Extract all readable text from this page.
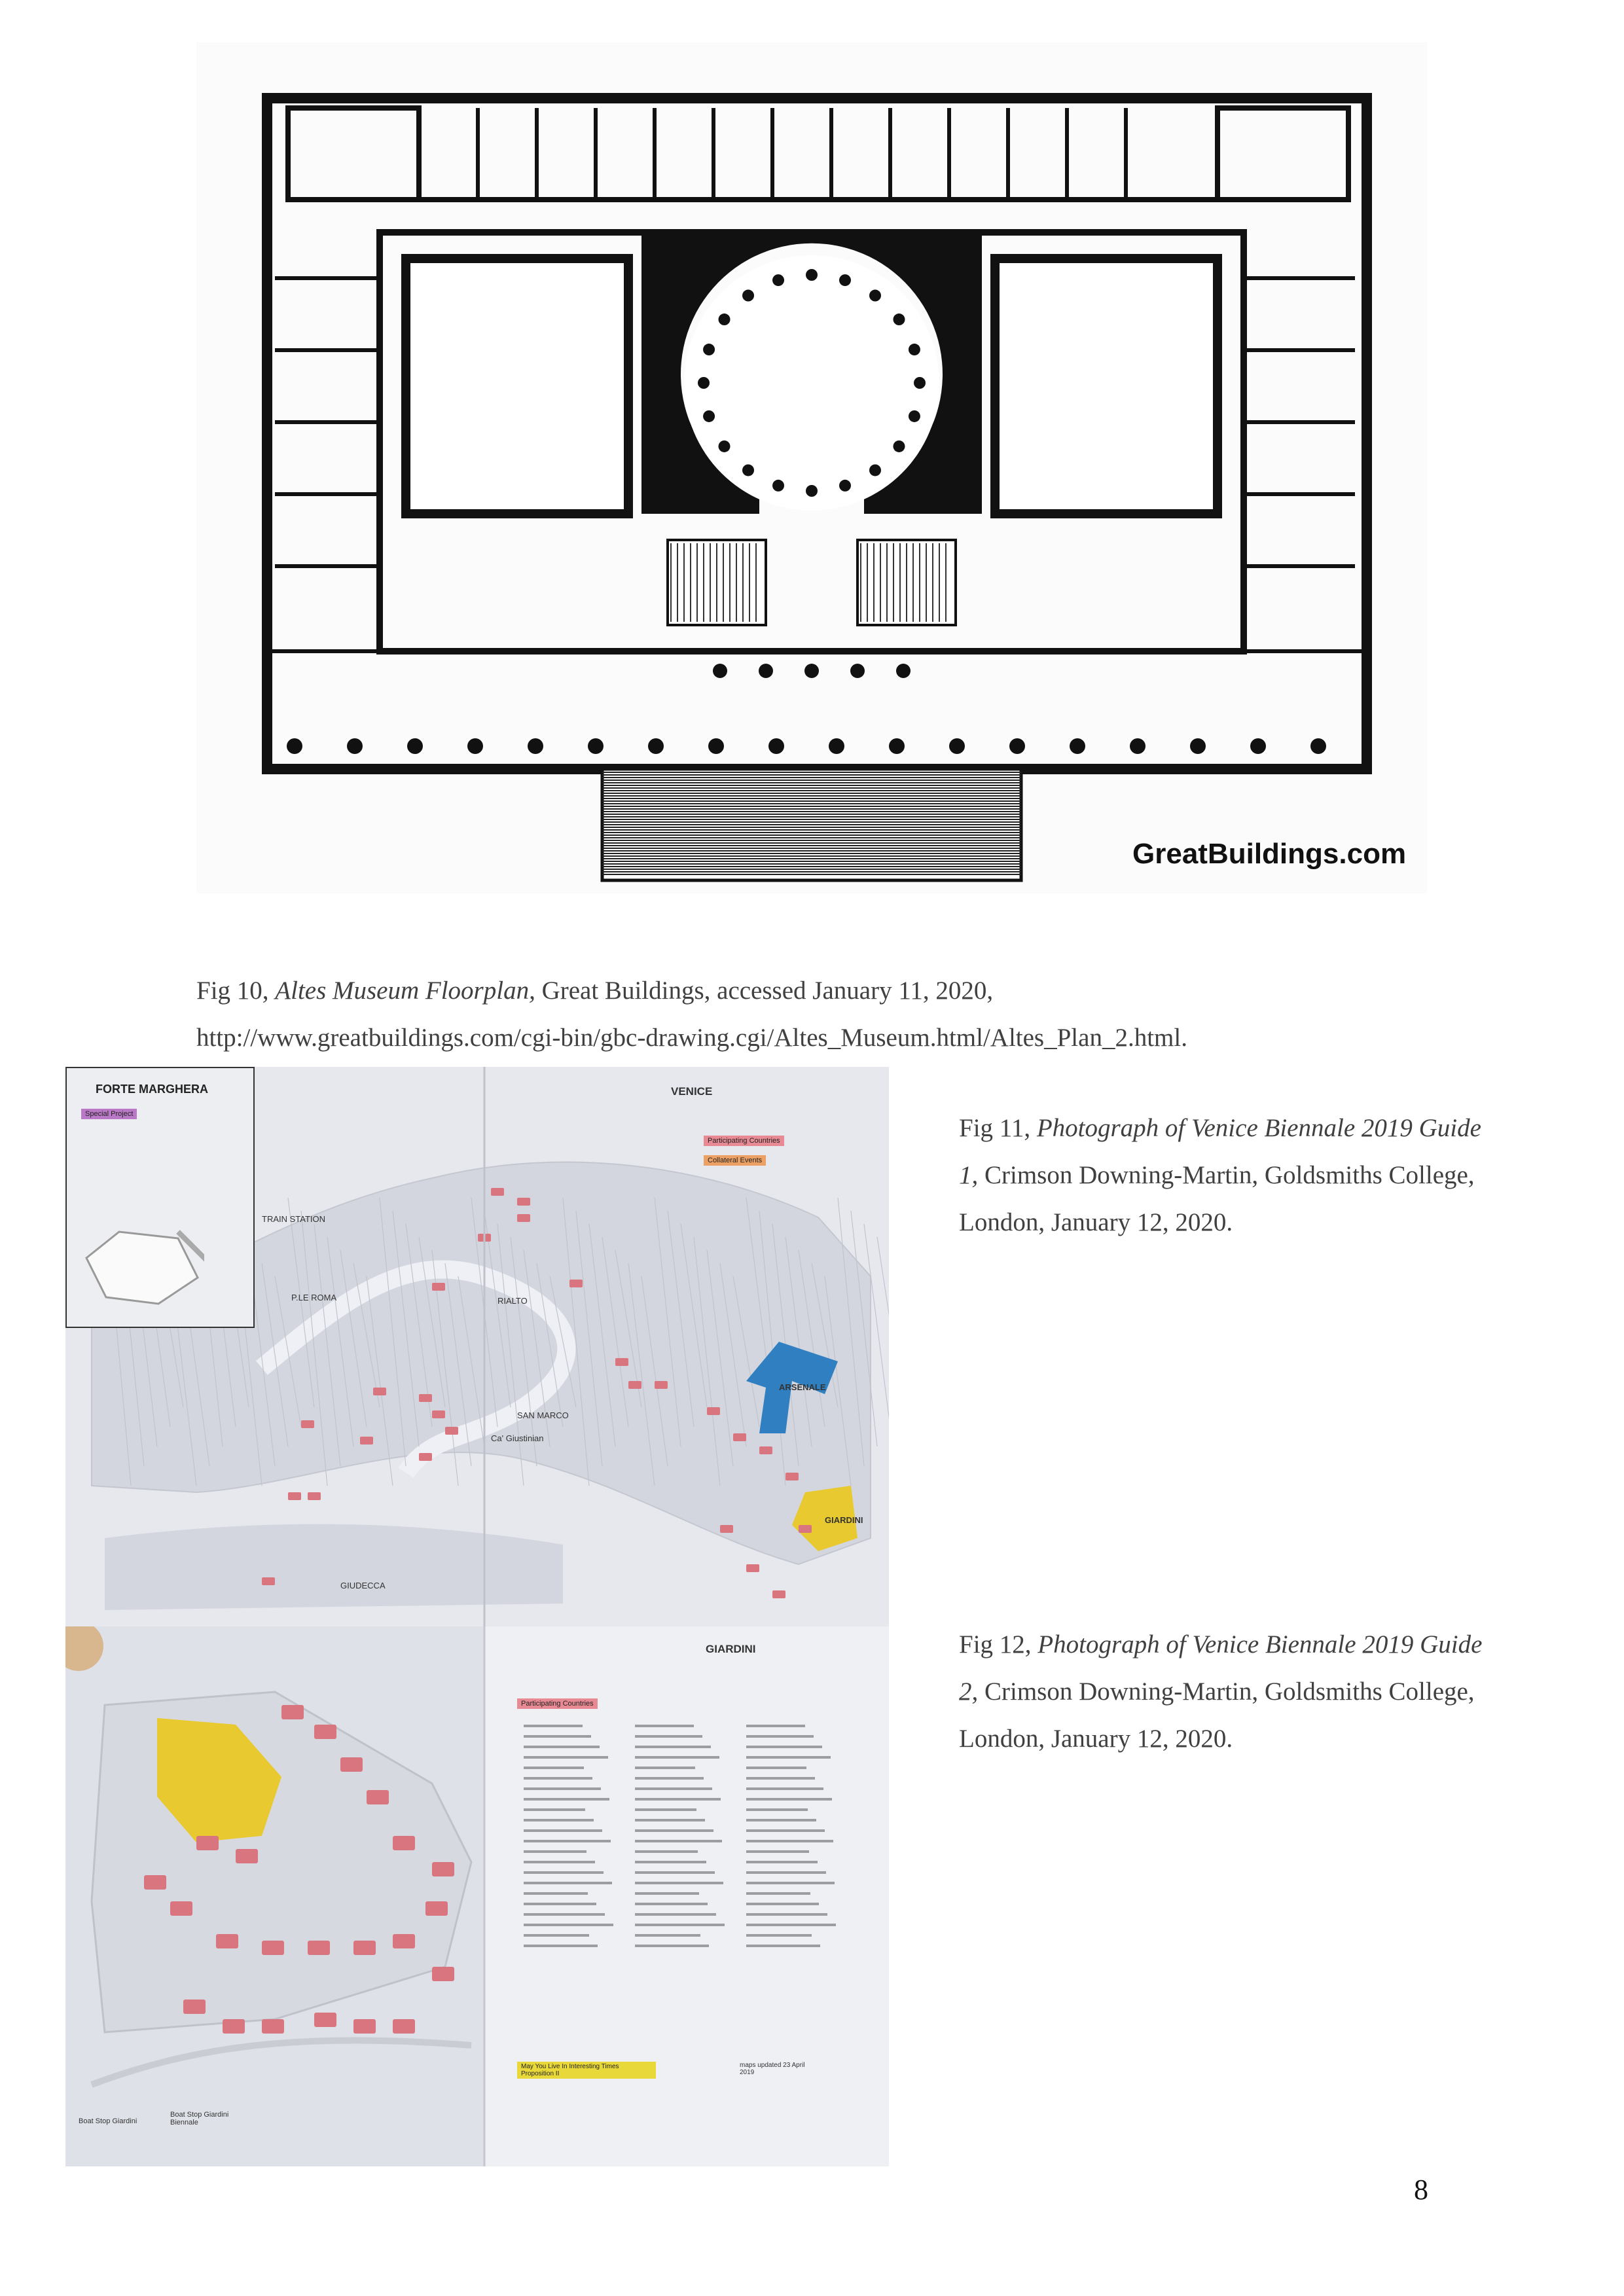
GreatBuildings.com
Fig 10, Altes Museum Floorplan, Great Buildings, accessed January 11, 2020,
http://www.greatbuildings.com/cgi-bin/gbc-drawing.cgi/Altes_Museum.html/Altes_Plan_2.html.
FORTE MARGHERA
Special Project
VENICE
Participating Countries
Collateral Events
TRAIN STATION
P.LE ROMA	RIALTO
SAN MARCO
ARSENALE
GIARDINI
GIUDECCA
Ca' Giustinian
Fig 11, Photograph of Venice Biennale 2019 Guide
1, Crimson Downing-Martin, Goldsmiths College,
London, January 12, 2020.
GIARDINI
Participating Countries
Boat Stop Giardini
Boat Stop Giardini Biennale
May You Live In Interesting Times Proposition II
maps updated 23 April 2019
Fig 12, Photograph of Venice Biennale 2019 Guide
2, Crimson Downing-Martin, Goldsmiths College,
London, January 12, 2020.
8
